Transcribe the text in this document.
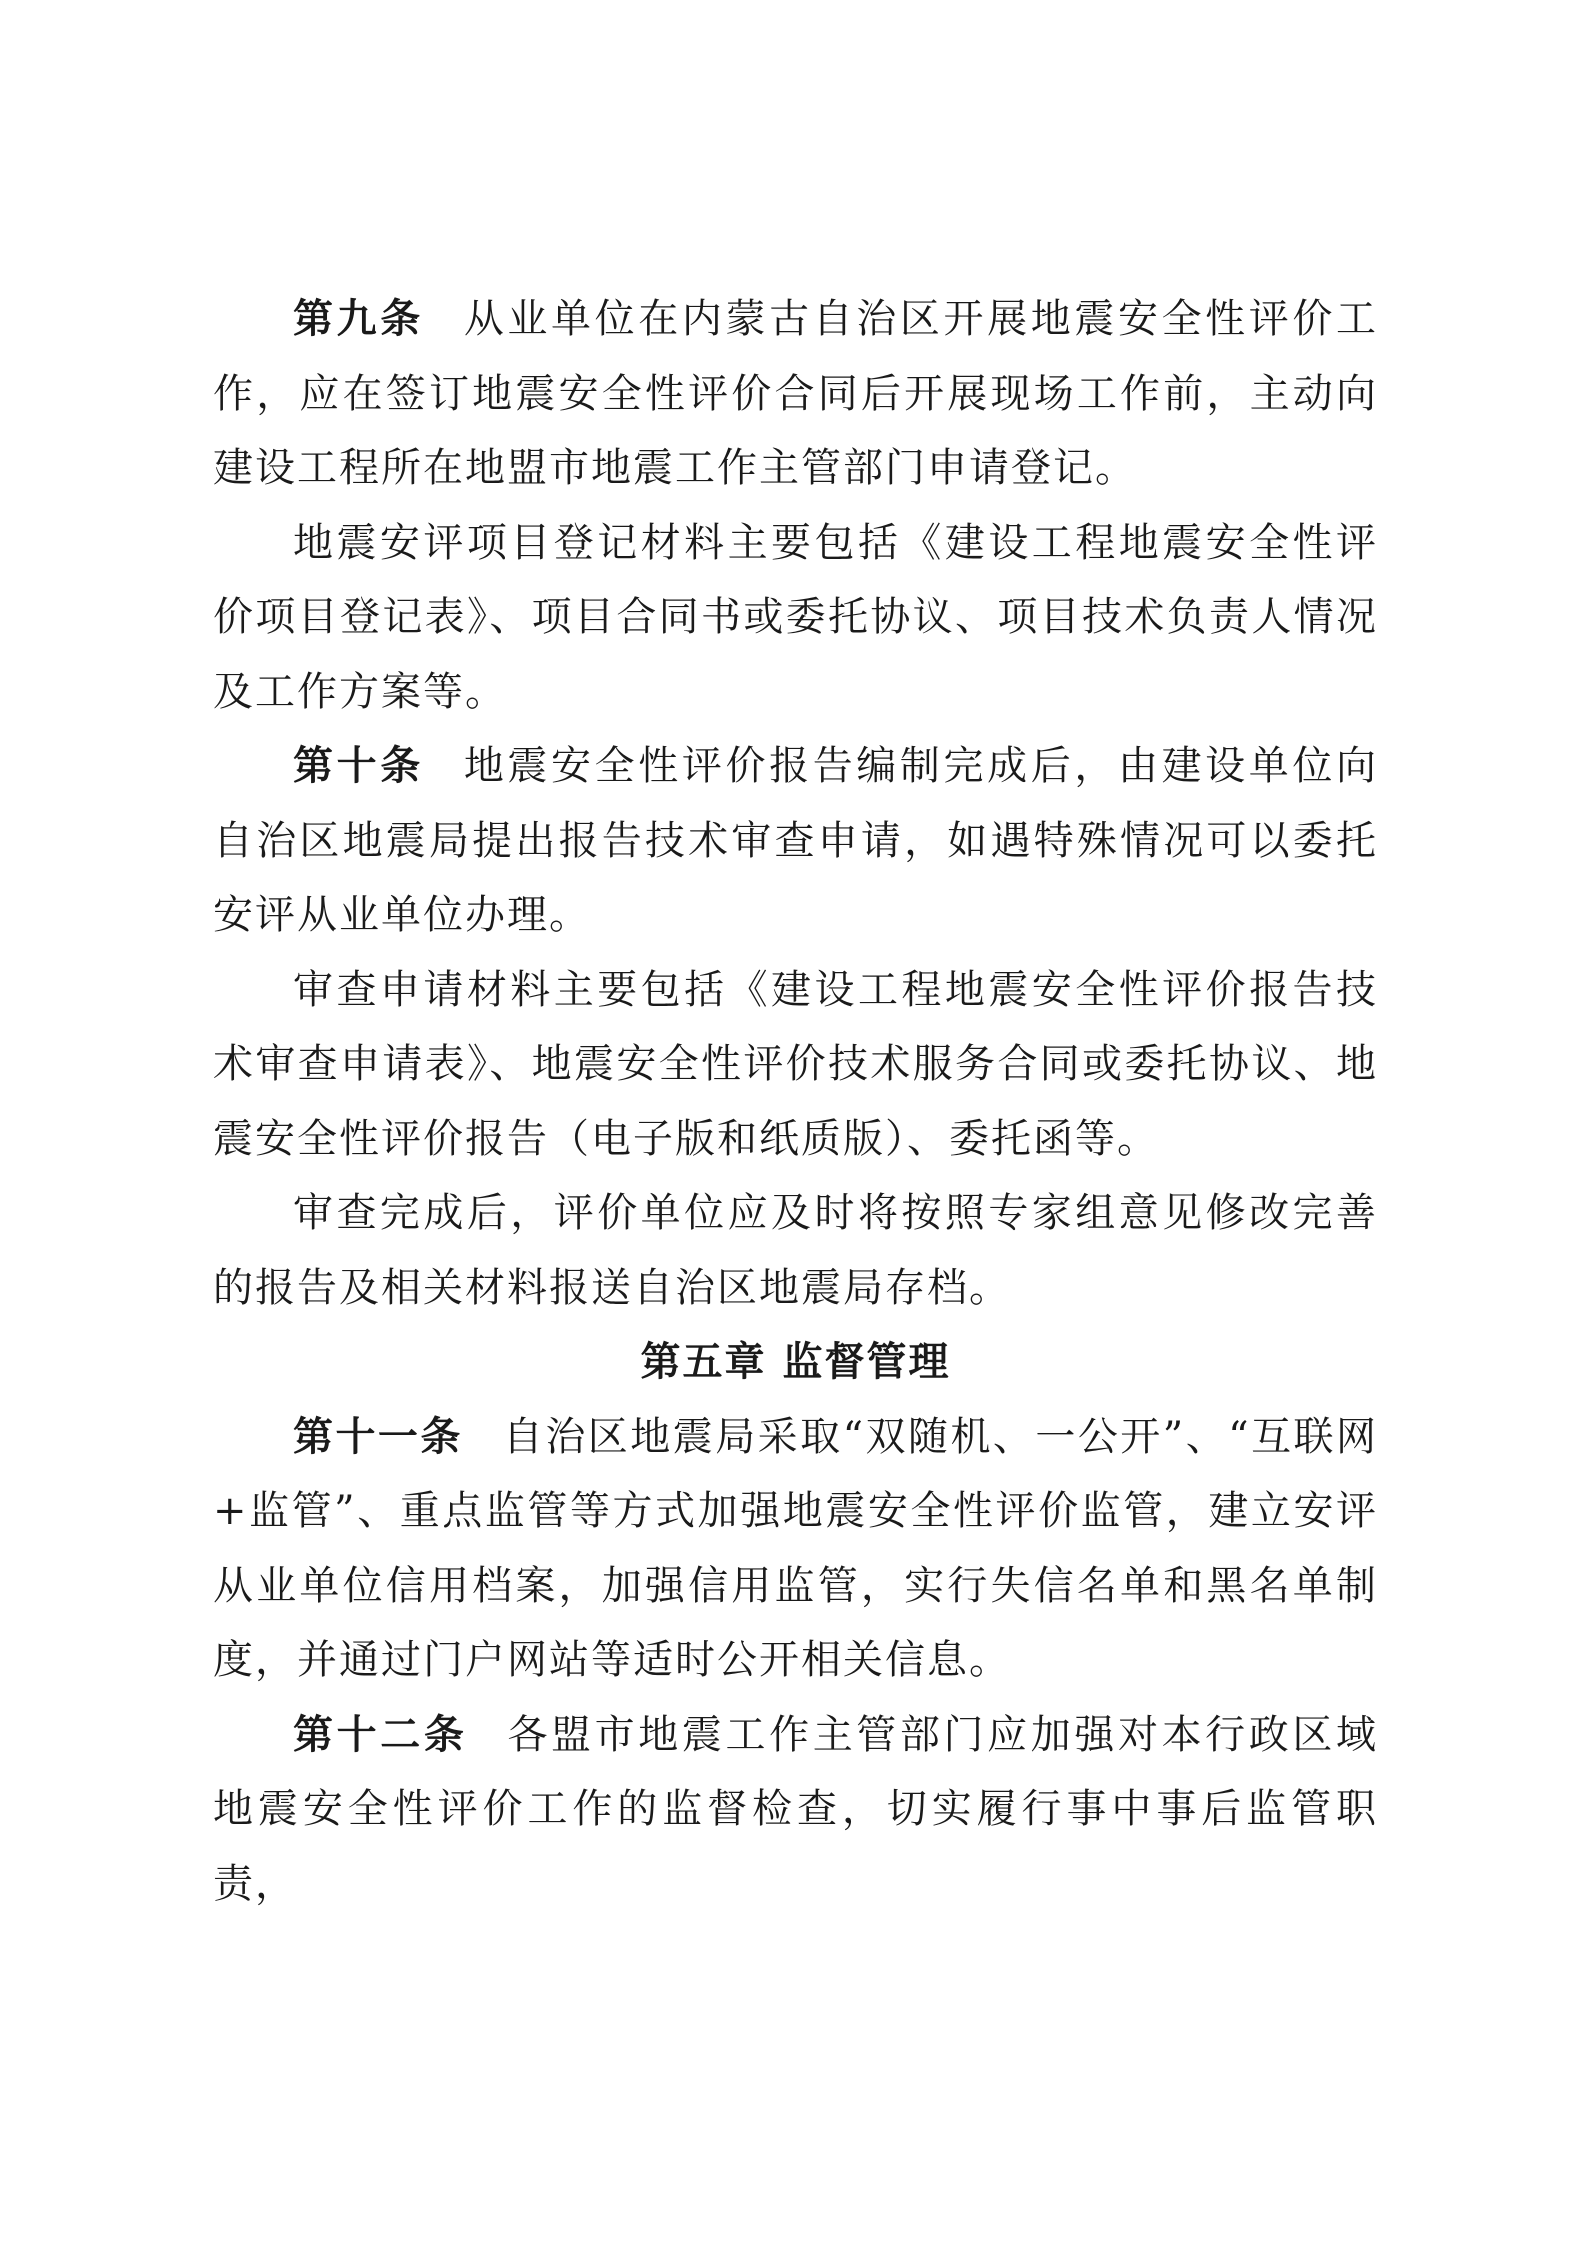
第九条 从业单位在内蒙古自治区开展地震安全性评价工作，应在签订地震安全性评价合同后开展现场工作前，主动向建设工程所在地盟市地震工作主管部门申请登记。

地震安评项目登记材料主要包括《建设工程地震安全性评价项目登记表》、项目合同书或委托协议、项目技术负责人情况及工作方案等。

第十条 地震安全性评价报告编制完成后，由建设单位向自治区地震局提出报告技术审查申请，如遇特殊情况可以委托安评从业单位办理。

审查申请材料主要包括《建设工程地震安全性评价报告技术审查申请表》、地震安全性评价技术服务合同或委托协议、地震安全性评价报告（电子版和纸质版）、委托函等。

审查完成后，评价单位应及时将按照专家组意见修改完善的报告及相关材料报送自治区地震局存档。

第五章 监督管理

第十一条 自治区地震局采取“双随机、一公开”、“互联网+监管”、重点监管等方式加强地震安全性评价监管，建立安评从业单位信用档案，加强信用监管，实行失信名单和黑名单制度，并通过门户网站等适时公开相关信息。

第十二条 各盟市地震工作主管部门应加强对本行政区域地震安全性评价工作的监督检查，切实履行事中事后监管职责，
